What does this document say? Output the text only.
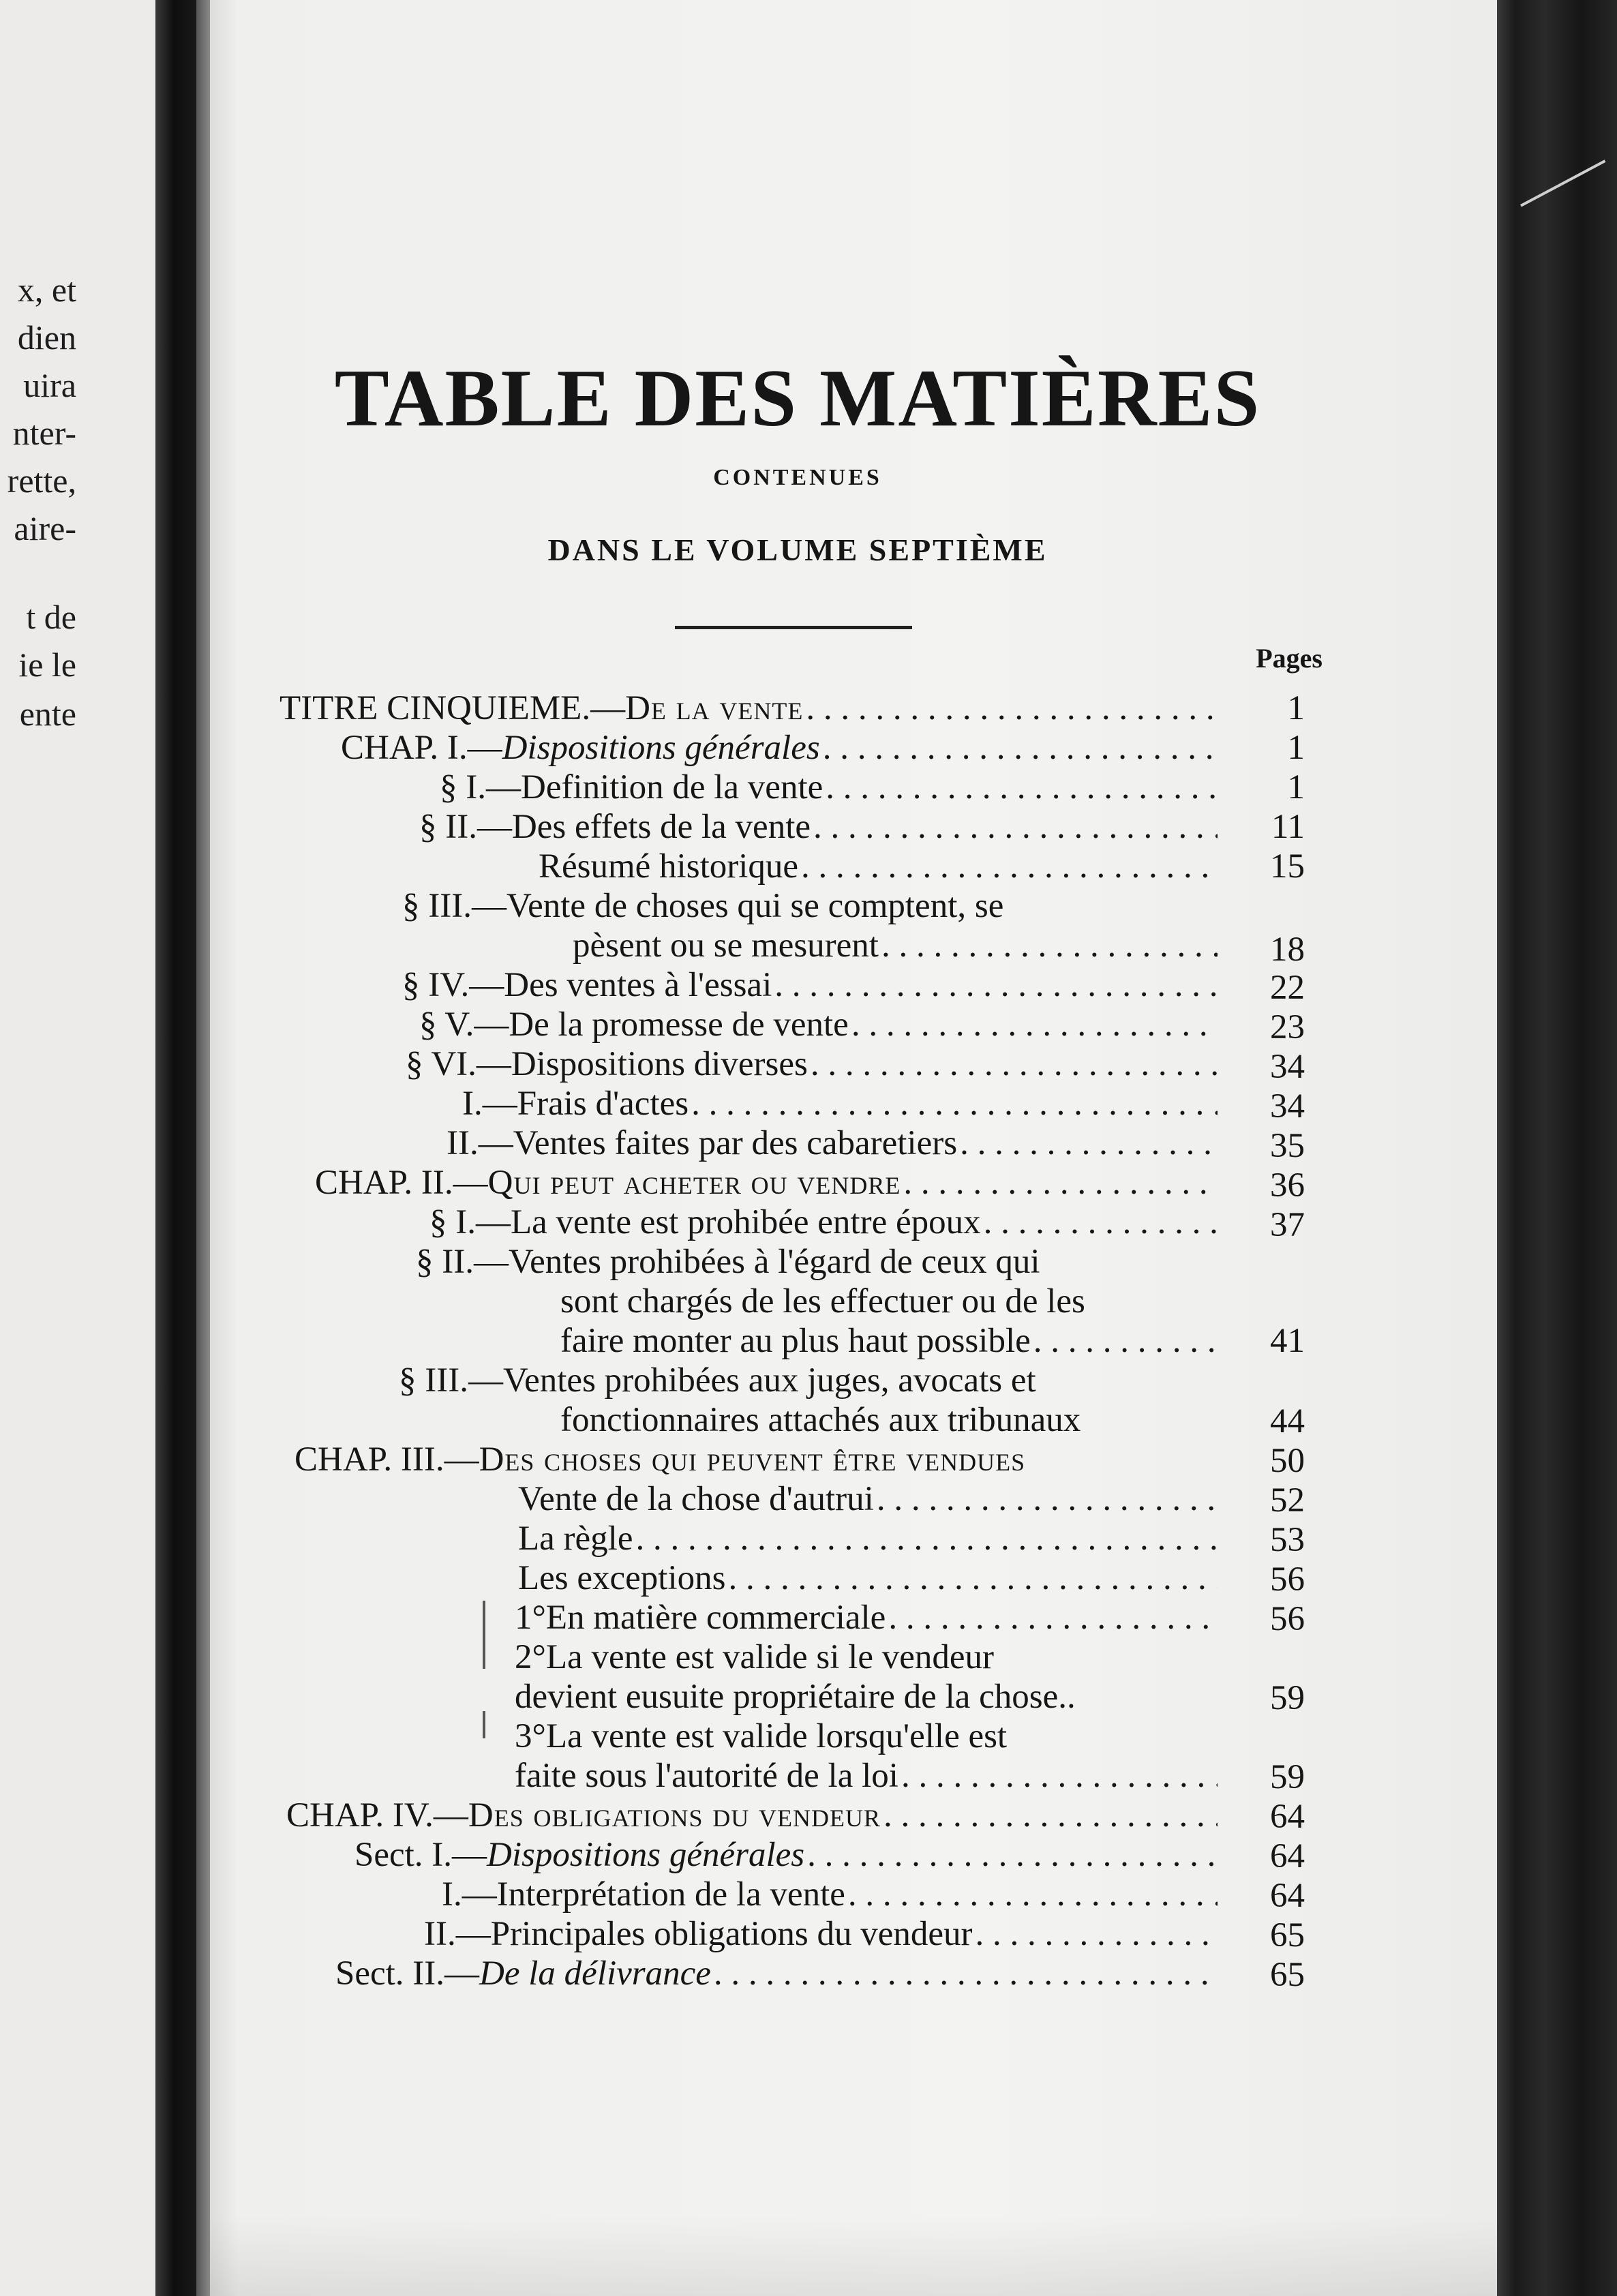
x, et
dien
uira
nter-
rette,
aire-
t de
ie le
ente
TABLE DES MATIÈRES
CONTENUES
DANS LE VOLUME SEPTIÈME
Pages
TITRE CINQUIEME.— De la vente . . .	1
CHAP. I.— Dispositions générales . . .	1
§ I.— Definition de la vente . . .	1
§ II.— Des effets de la vente . . .	11
Résumé historique . . .	15
§ III.— Vente de choses qui se comptent, se
pèsent ou se mesurent . . .	18
§ IV.— Des ventes à l'essai . . .	22
§ V.— De la promesse de vente . . .	23
§ VI.— Dispositions diverses . . .	34
I.— Frais d'actes . . .	34
II.— Ventes faites par des cabaretiers . . .	35
CHAP. II.— Qui peut acheter ou vendre . . .	36
§ I.— La vente est prohibée entre époux . . .	37
§ II.— Ventes prohibées à l'égard de ceux qui
sont chargés de les effectuer ou de les
faire monter au plus haut possible . . .	41
§ III.— Ventes prohibées aux juges, avocats et
fonctionnaires attachés aux tribunaux	44
CHAP. III.— Des choses qui peuvent être vendues	50
Vente de la chose d'autrui . . .	52
La règle . . .	53
Les exceptions . . .	56
1° En matière commerciale . . .	56
2° La vente est valide si le vendeur
devient eusuite propriétaire de la chose..	59
3° La vente est valide lorsqu'elle est
faite sous l'autorité de la loi . . .	59
CHAP. IV.— Des obligations du vendeur . . .	64
Sect. I.— Dispositions générales . . .	64
I.— Interprétation de la vente . . .	64
II.— Principales obligations du vendeur . . .	65
Sect. II.— De la délivrance . . .	65
